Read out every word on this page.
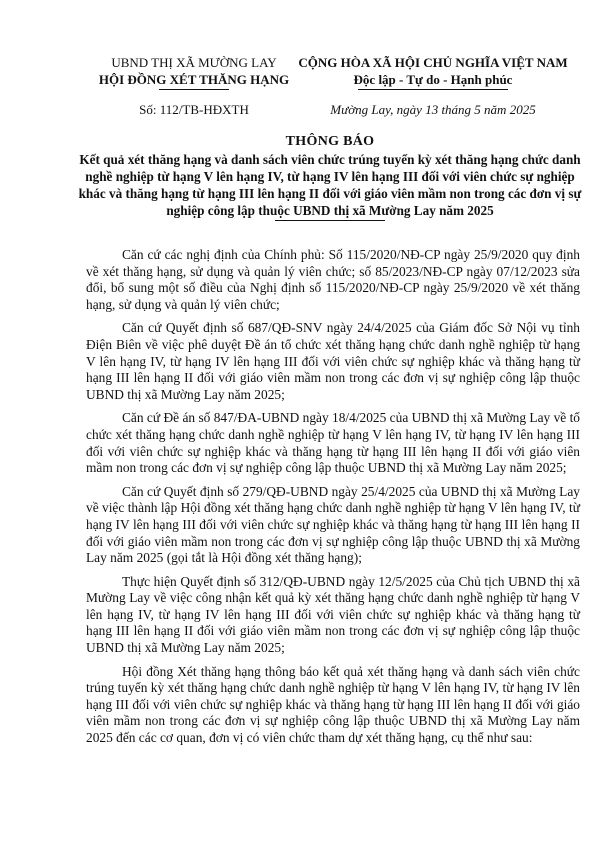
UBND THỊ XÃ MƯỜNG LAY
HỘI ĐỒNG XÉT THĂNG HẠNG
CỘNG HÒA XÃ HỘI CHỦ NGHĨA VIỆT NAM
Độc lập - Tự do - Hạnh phúc
Số: 112/TB-HĐXTH	Mường Lay, ngày 13 tháng 5 năm 2025
THÔNG BÁO
Kết quả xét thăng hạng và danh sách viên chức trúng tuyển kỳ xét thăng hạng chức danh nghề nghiệp từ hạng V lên hạng IV, từ hạng IV lên hạng III đối với viên chức sự nghiệp khác và thăng hạng từ hạng III lên hạng II đối với giáo viên mầm non trong các đơn vị sự nghiệp công lập thuộc UBND thị xã Mường Lay năm 2025

Căn cứ các nghị định của Chính phủ: Số 115/2020/NĐ-CP ngày 25/9/2020 quy định về xét thăng hạng, sử dụng và quản lý viên chức; số 85/2023/NĐ-CP ngày 07/12/2023 sửa đổi, bổ sung một số điều của Nghị định số 115/2020/NĐ-CP ngày 25/9/2020 về xét thăng hạng, sử dụng và quản lý viên chức;

Căn cứ Quyết định số 687/QĐ-SNV ngày 24/4/2025 của Giám đốc Sở Nội vụ tỉnh Điện Biên về việc phê duyệt Đề án tổ chức xét thăng hạng chức danh nghề nghiệp từ hạng V lên hạng IV, từ hạng IV lên hạng III đối với viên chức sự nghiệp khác và thăng hạng từ hạng III lên hạng II đối với giáo viên mầm non trong các đơn vị sự nghiệp công lập thuộc UBND thị xã Mường Lay năm 2025;

Căn cứ Đề án số 847/ĐA-UBND ngày 18/4/2025 của UBND thị xã Mường Lay về tổ chức xét thăng hạng chức danh nghề nghiệp từ hạng V lên hạng IV, từ hạng IV lên hạng III đối với viên chức sự nghiệp khác và thăng hạng từ hạng III lên hạng II đối với giáo viên mầm non trong các đơn vị sự nghiệp công lập thuộc UBND thị xã Mường Lay năm 2025;

Căn cứ Quyết định số 279/QĐ-UBND ngày 25/4/2025 của UBND thị xã Mường Lay về việc thành lập Hội đồng xét thăng hạng chức danh nghề nghiệp từ hạng V lên hạng IV, từ hạng IV lên hạng III đối với viên chức sự nghiệp khác và thăng hạng từ hạng III lên hạng II đối với giáo viên mầm non trong các đơn vị sự nghiệp công lập thuộc UBND thị xã Mường Lay năm 2025 (gọi tắt là Hội đồng xét thăng hạng);

Thực hiện Quyết định số 312/QĐ-UBND ngày 12/5/2025 của Chủ tịch UBND thị xã Mường Lay về việc công nhận kết quả kỳ xét thăng hạng chức danh nghề nghiệp từ hạng V lên hạng IV, từ hạng IV lên hạng III đối với viên chức sự nghiệp khác và thăng hạng từ hạng III lên hạng II đối với giáo viên mầm non trong các đơn vị sự nghiệp công lập thuộc UBND thị xã Mường Lay năm 2025;

Hội đồng Xét thăng hạng thông báo kết quả xét thăng hạng và danh sách viên chức trúng tuyển kỳ xét thăng hạng chức danh nghề nghiệp từ hạng V lên hạng IV, từ hạng IV lên hạng III đối với viên chức sự nghiệp khác và thăng hạng từ hạng III lên hạng II đối với giáo viên mầm non trong các đơn vị sự nghiệp công lập thuộc UBND thị xã Mường Lay năm 2025 đến các cơ quan, đơn vị có viên chức tham dự xét thăng hạng, cụ thể như sau:
